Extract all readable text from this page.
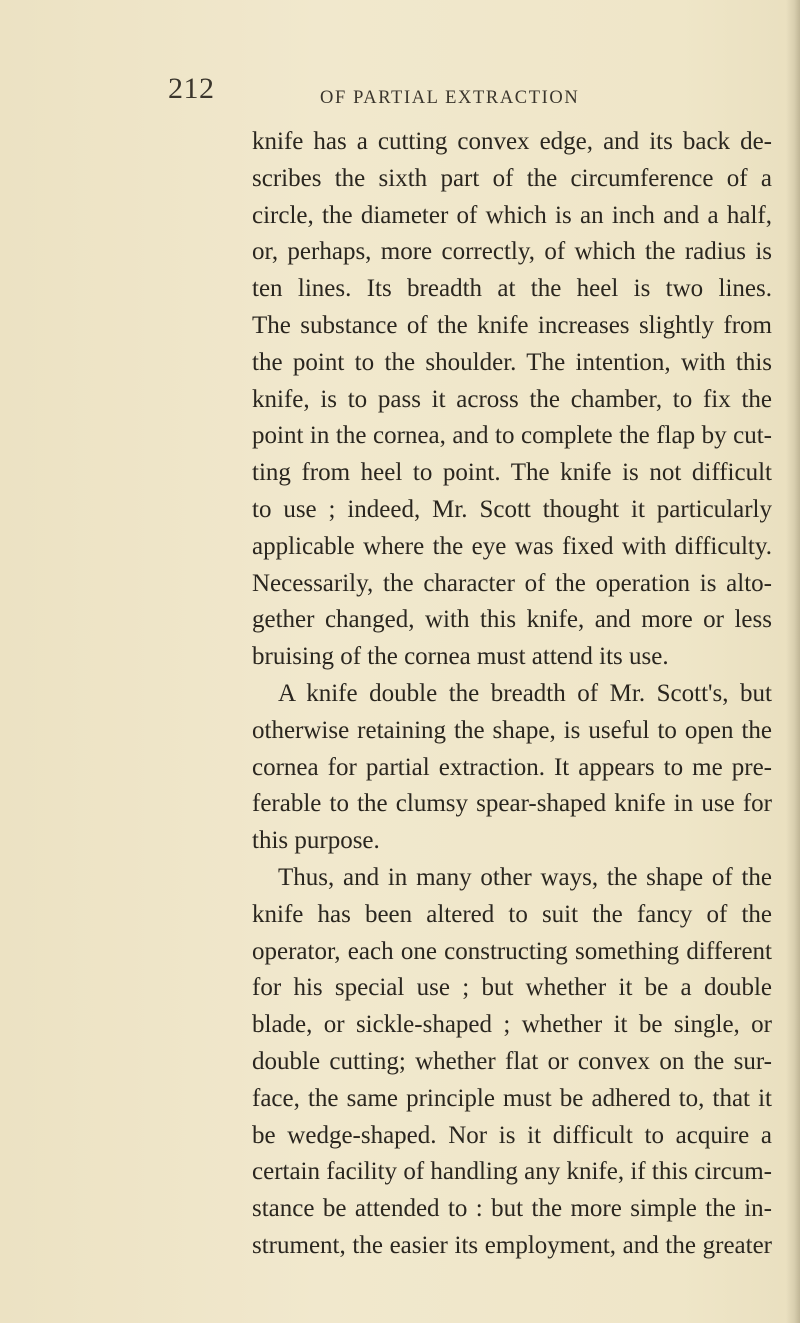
212	OF PARTIAL EXTRACTION
knife has a cutting convex edge, and its back de-
scribes the sixth part of the circumference of a
circle, the diameter of which is an inch and a half,
or, perhaps, more correctly, of which the radius is
ten lines. Its breadth at the heel is two lines.
The substance of the knife increases slightly from
the point to the shoulder. The intention, with this
knife, is to pass it across the chamber, to fix the
point in the cornea, and to complete the flap by cut-
ting from heel to point. The knife is not difficult
to use ; indeed, Mr. Scott thought it particularly
applicable where the eye was fixed with difficulty.
Necessarily, the character of the operation is alto-
gether changed, with this knife, and more or less
bruising of the cornea must attend its use.
A knife double the breadth of Mr. Scott's, but
otherwise retaining the shape, is useful to open the
cornea for partial extraction. It appears to me pre-
ferable to the clumsy spear-shaped knife in use for
this purpose.
Thus, and in many other ways, the shape of the
knife has been altered to suit the fancy of the
operator, each one constructing something different
for his special use ; but whether it be a double
blade, or sickle-shaped ; whether it be single, or
double cutting; whether flat or convex on the sur-
face, the same principle must be adhered to, that it
be wedge-shaped. Nor is it difficult to acquire a
certain facility of handling any knife, if this circum-
stance be attended to : but the more simple the in-
strument, the easier its employment, and the greater
